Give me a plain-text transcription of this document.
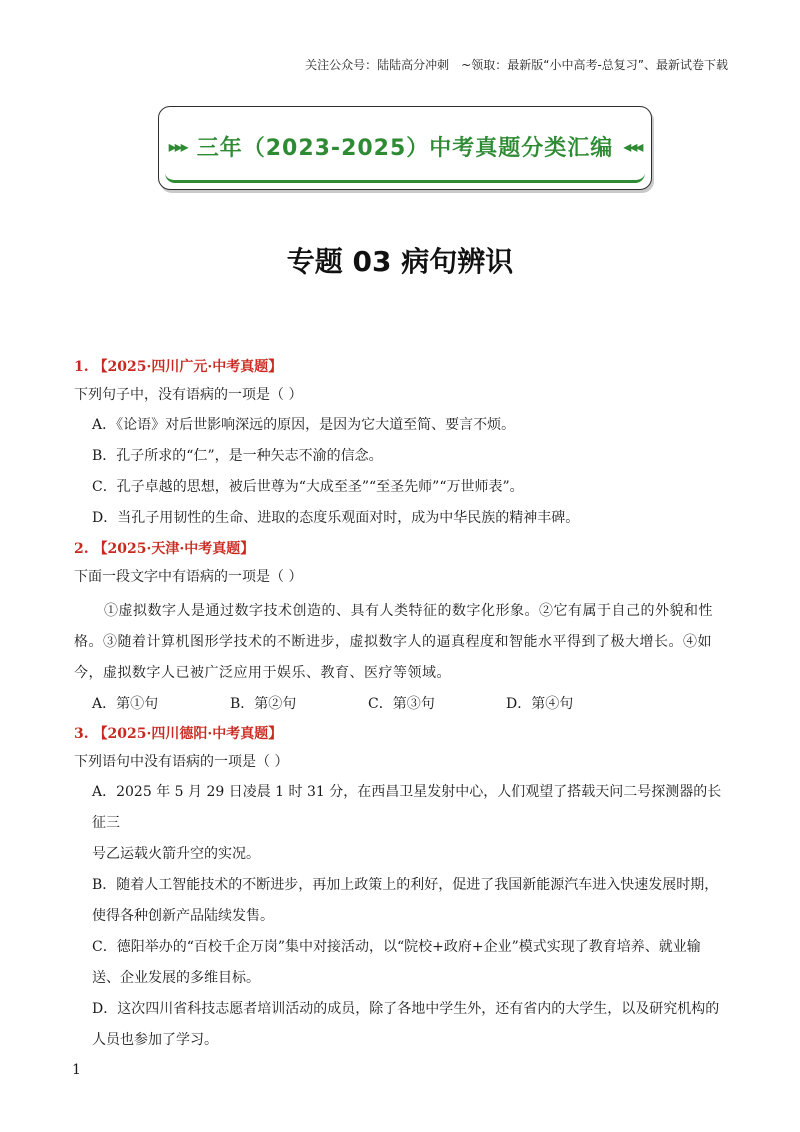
关注公众号：陆陆高分冲刺　~领取：最新版“小中高考-总复习”、最新试卷下载
▸▸▸ 三年（2023-2025）中考真题分类汇编 ◂◂◂
专题 03 病句辨识
1. 【2025·四川广元·中考真题】
下列句子中，没有语病的一项是（ ）
A．《论语》对后世影响深远的原因，是因为它大道至简、要言不烦。
B．孔子所求的“仁”，是一种矢志不渝的信念。
C．孔子卓越的思想，被后世尊为“大成至圣”“至圣先师”“万世师表”。
D．当孔子用韧性的生命、进取的态度乐观面对时，成为中华民族的精神丰碑。
2. 【2025·天津·中考真题】
下面一段文字中有语病的一项是（ ）
①虚拟数字人是通过数字技术创造的、具有人类特征的数字化形象。②它有属于自己的外貌和性格。③随着计算机图形学技术的不断进步，虚拟数字人的逼真程度和智能水平得到了极大增长。④如今，虚拟数字人已被广泛应用于娱乐、教育、医疗等领域。
A．第①句	B．第②句	C．第③句	D．第④句
3. 【2025·四川德阳·中考真题】
下列语句中没有语病的一项是（ ）
A．2025 年 5 月 29 日凌晨 1 时 31 分，在西昌卫星发射中心，人们观望了搭载天问二号探测器的长征三
号乙运载火箭升空的实况。
B．随着人工智能技术的不断进步，再加上政策上的利好，促进了我国新能源汽车进入快速发展时期，
使得各种创新产品陆续发售。
C．德阳举办的“百校千企万岗”集中对接活动，以“院校+政府+企业”模式实现了教育培养、就业输
送、企业发展的多维目标。
D．这次四川省科技志愿者培训活动的成员，除了各地中学生外，还有省内的大学生，以及研究机构的
人员也参加了学习。
1
